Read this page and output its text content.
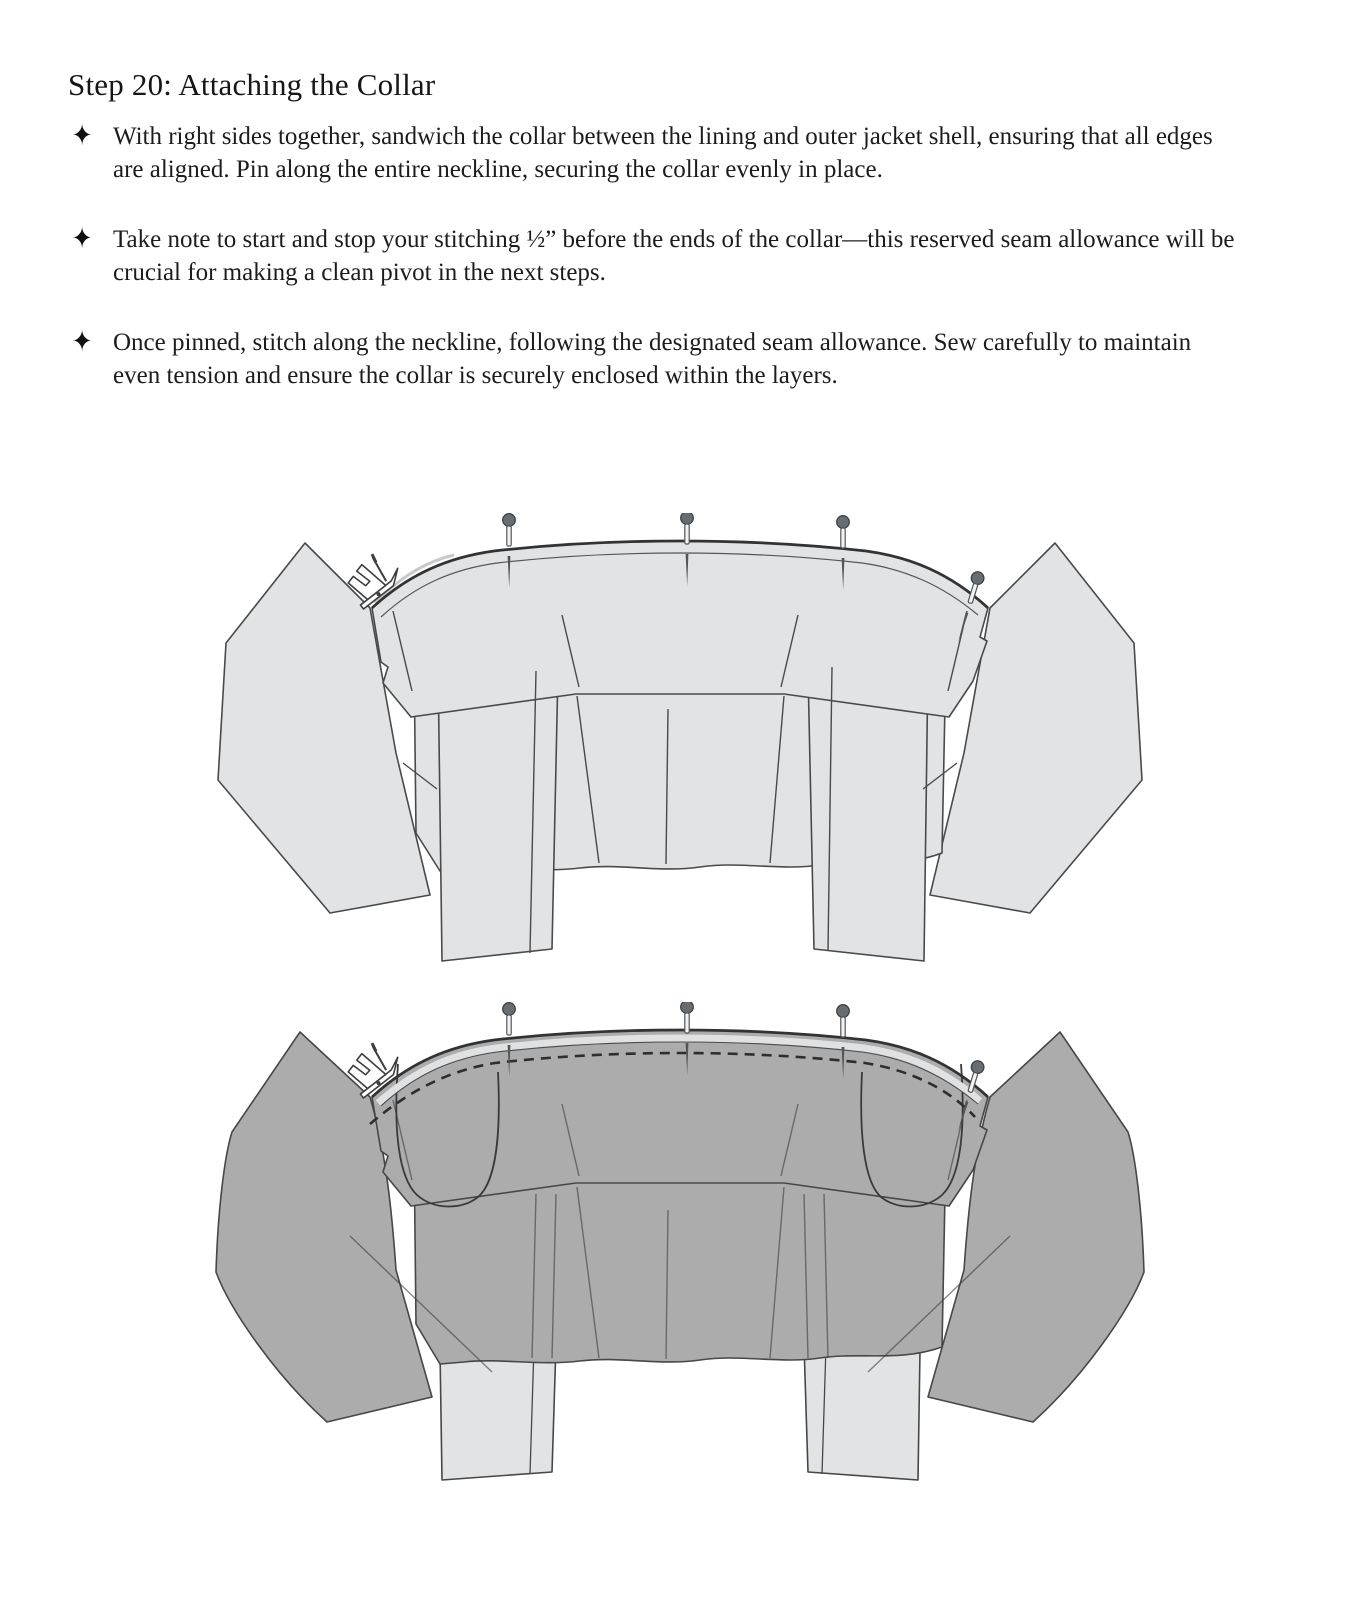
Step 20: Attaching the Collar
✦ With right sides together, sandwich the collar between the lining and outer jacket shell, ensuring that all edges are aligned. Pin along the entire neckline, securing the collar evenly in place.
✦ Take note to start and stop your stitching ½” before the ends of the collar—this reserved seam allowance will be crucial for making a clean pivot in the next steps.
✦ Once pinned, stitch along the neckline, following the designated seam allowance. Sew carefully to maintain even tension and ensure the collar is securely enclosed within the layers.
